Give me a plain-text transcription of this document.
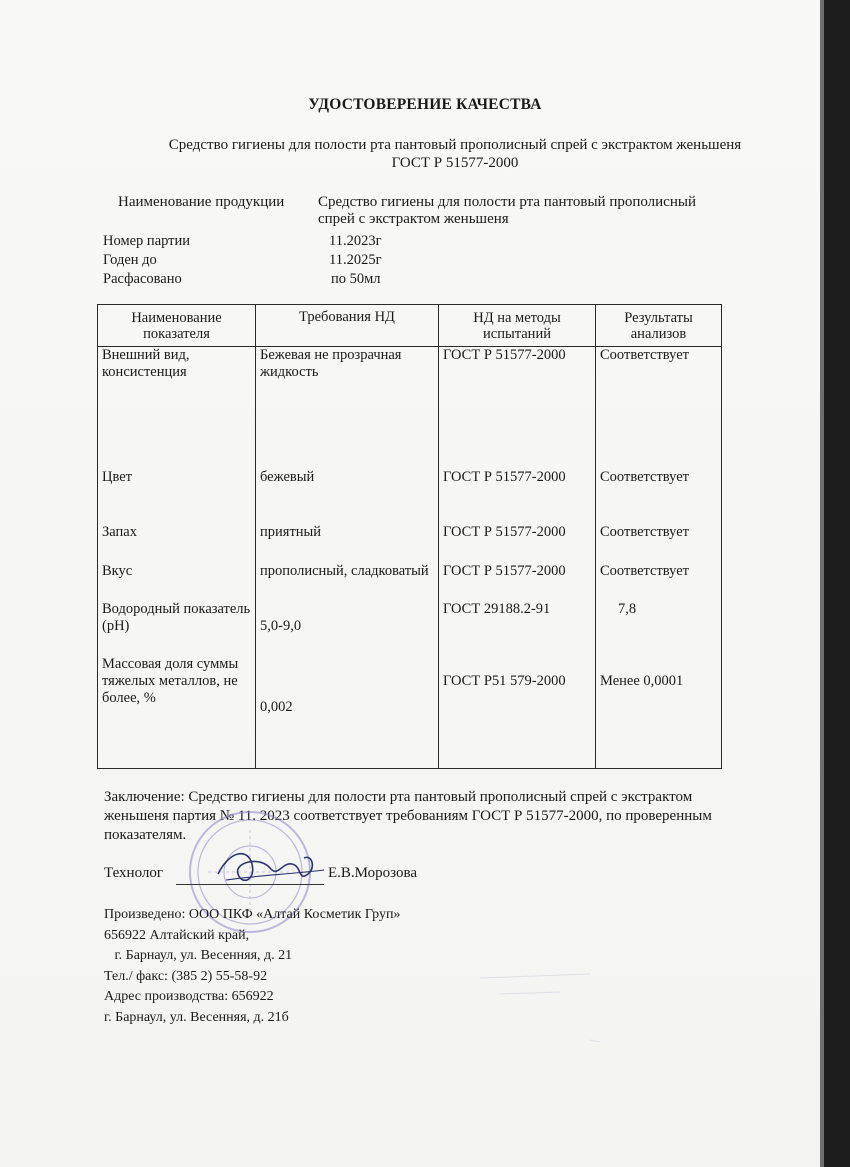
УДОСТОВЕРЕНИЕ КАЧЕСТВА
Средство гигиены для полости рта пантовый прополисный спрей с экстрактом женьшеня
ГОСТ Р 51577-2000
Наименование продукции Средство гигиены для полости рта пантовый прополисный
спрей с экстрактом женьшеня
Номер партии	11.2023г
Годен до	11.2025г
Расфасовано	по 50мл
Наименование показателя	Требования НД	НД на методы испытаний	Результаты анализов
Внешний вид, консистенция	Бежевая не прозрачная жидкость	ГОСТ Р 51577-2000	Соответствует
Цвет	бежевый	ГОСТ Р 51577-2000	Соответствует
Запах	приятный	ГОСТ Р 51577-2000	Соответствует
Вкус	прополисный, сладковатый	ГОСТ Р 51577-2000	Соответствует
Водородный показатель (рН)	5,0-9,0	ГОСТ 29188.2-91	7,8
Массовая доля суммы тяжелых металлов, не более, %	0,002	ГОСТ Р51 579-2000	Менее 0,0001
Заключение: Средство гигиены для полости рта пантовый прополисный спрей с экстрактом женьшеня партия № 11. 2023 соответствует требованиям ГОСТ Р 51577-2000, по проверенным показателям.
Технолог	Е.В.Морозова
Произведено: ООО ПКФ «Алтай Косметик Груп»
656922 Алтайский край,
г. Барнаул, ул. Весенняя, д. 21
Тел./ факс: (385 2) 55-58-92
Адрес производства: 656922
г. Барнаул, ул. Весенняя, д. 21б
